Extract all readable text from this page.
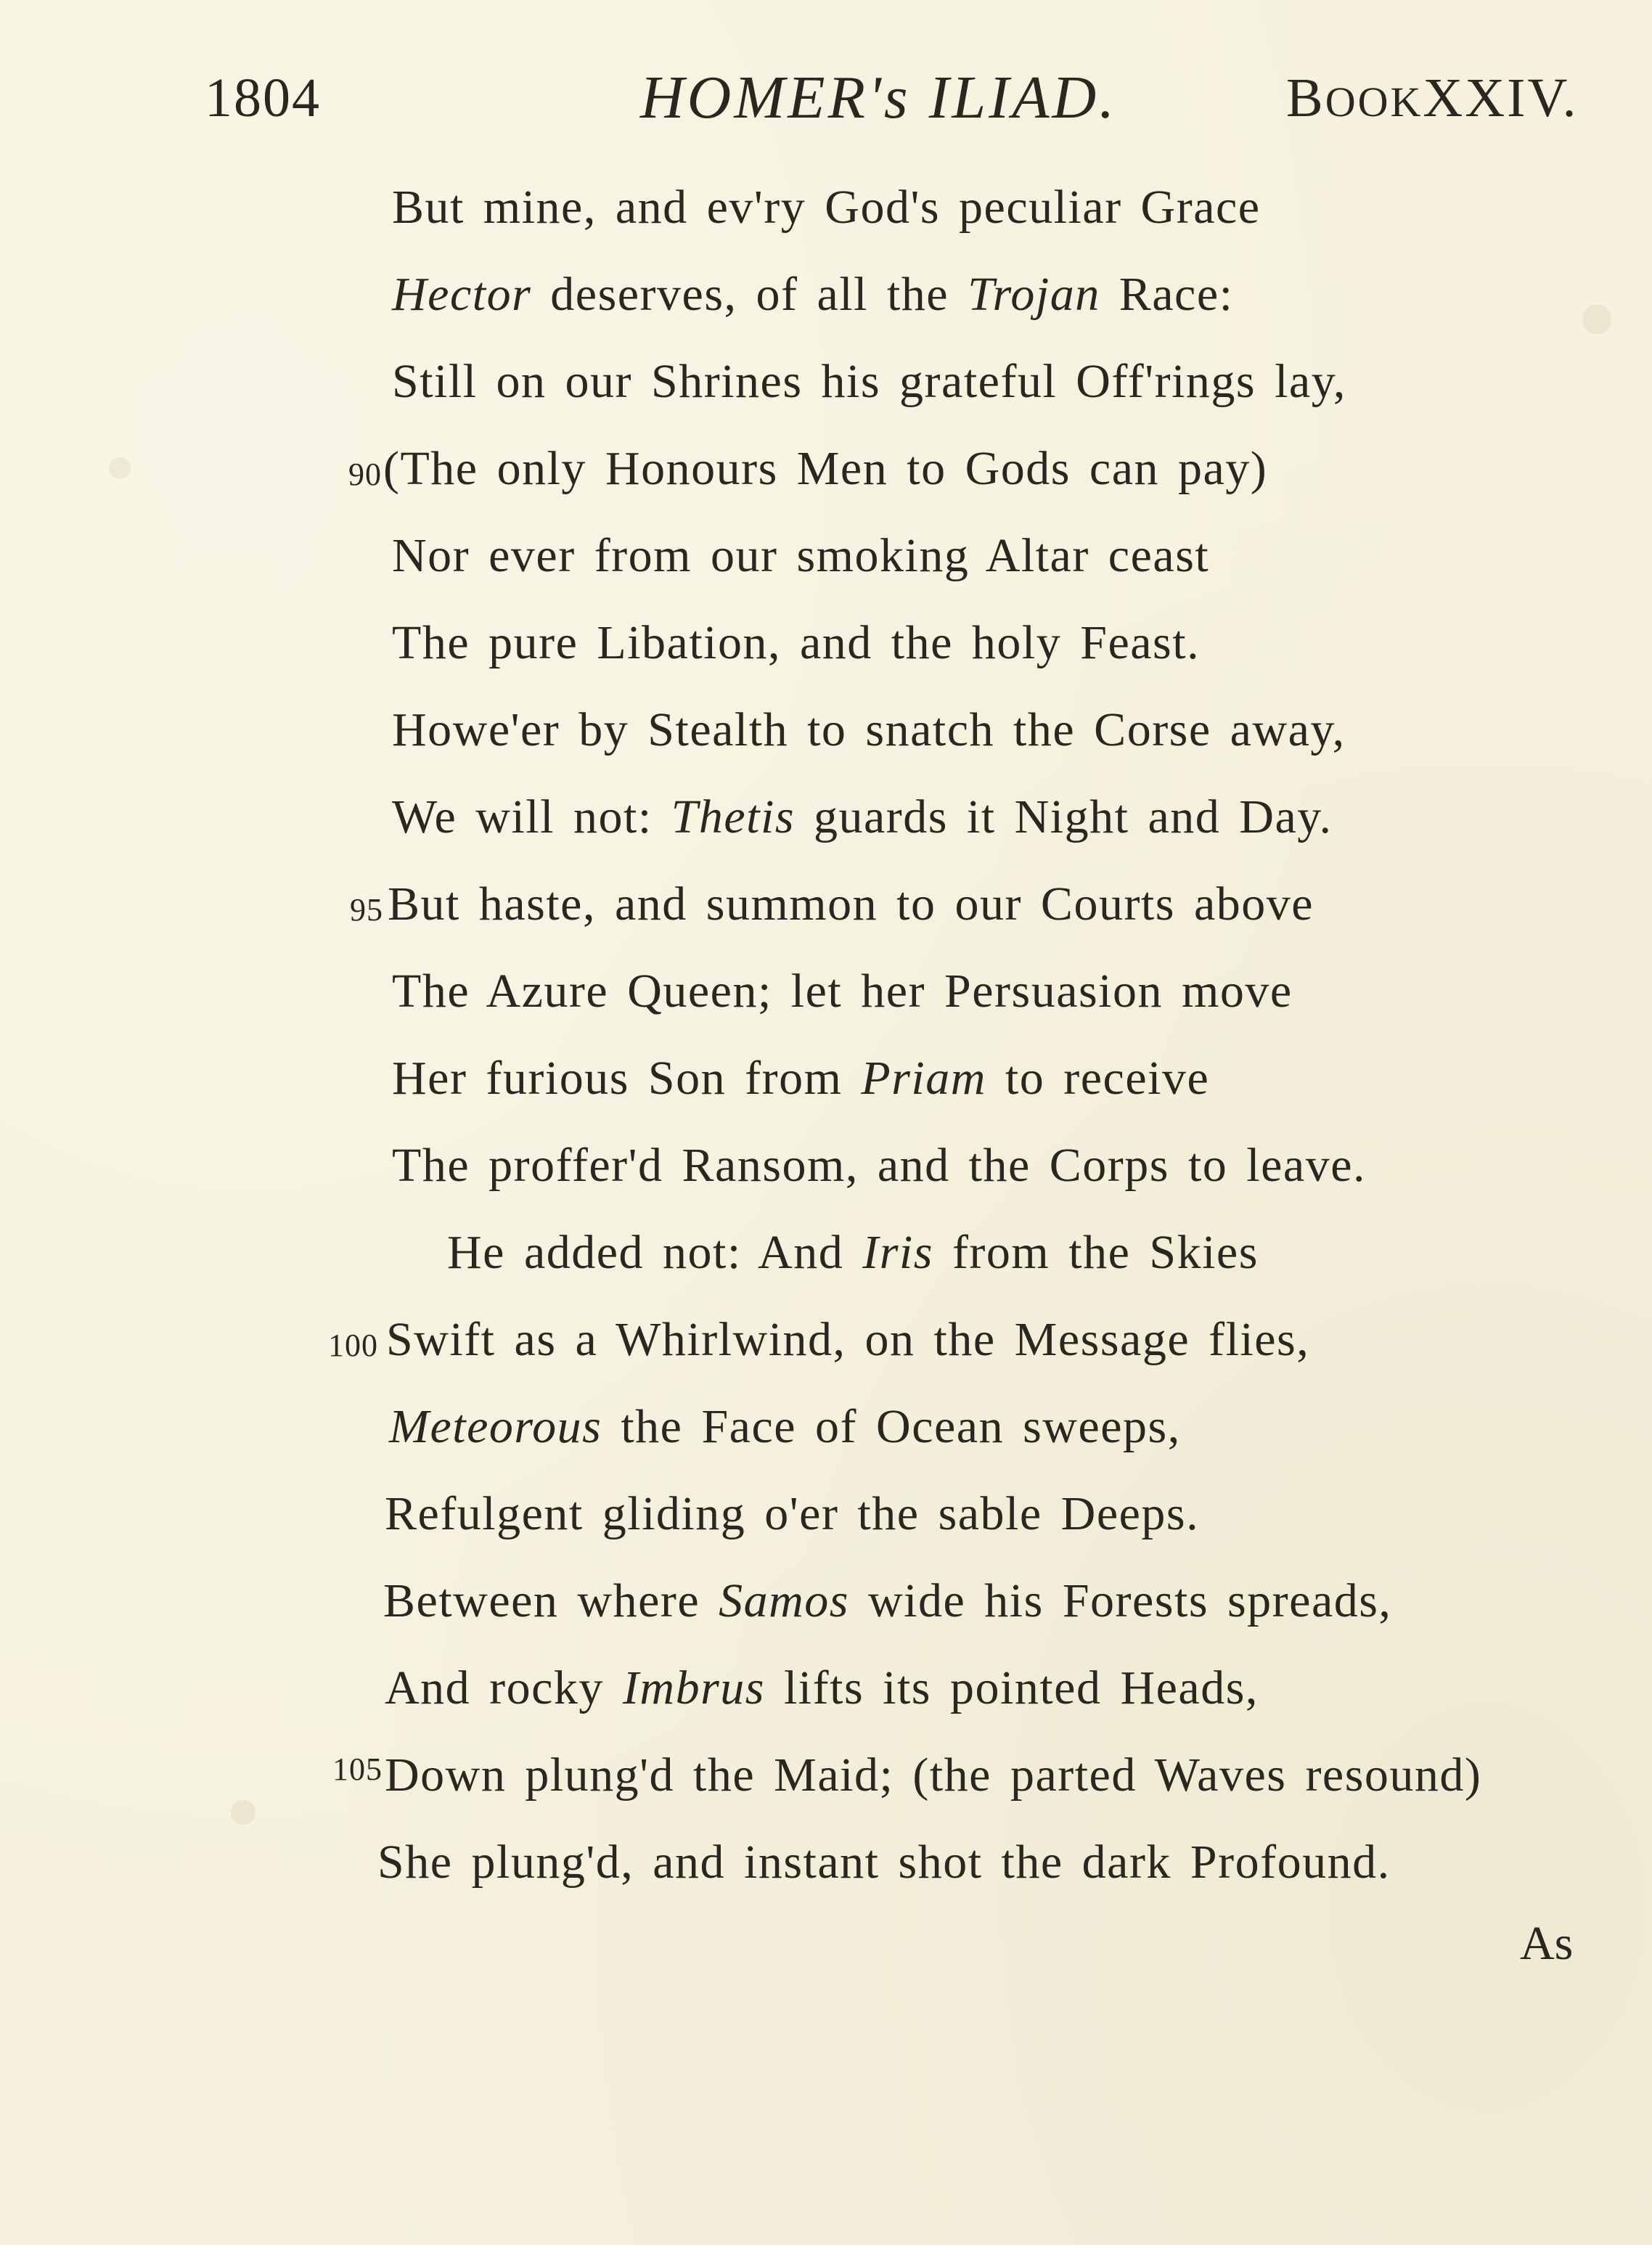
1804	HOMER's ILIAD.	BOOKXXIV.
But mine, and ev'ry God's peculiar Grace
Hector deserves, of all the Trojan Race:
Still on our Shrines his grateful Off'rings lay,
90 (The only Honours Men to Gods can pay)
Nor ever from our smoking Altar ceast
The pure Libation, and the holy Feast.
Howe'er by Stealth to snatch the Corse away,
We will not: Thetis guards it Night and Day.
95 But haste, and summon to our Courts above
The Azure Queen; let her Persuasion move
Her furious Son from Priam to receive
The proffer'd Ransom, and the Corps to leave.
He added not: And Iris from the Skies
100 Swift as a Whirlwind, on the Message flies,
Meteorous the Face of Ocean sweeps,
Refulgent gliding o'er the sable Deeps.
Between where Samos wide his Forests spreads,
And rocky Imbrus lifts its pointed Heads,
105 Down plung'd the Maid; (the parted Waves resound)
She plung'd, and instant shot the dark Profound.
As
